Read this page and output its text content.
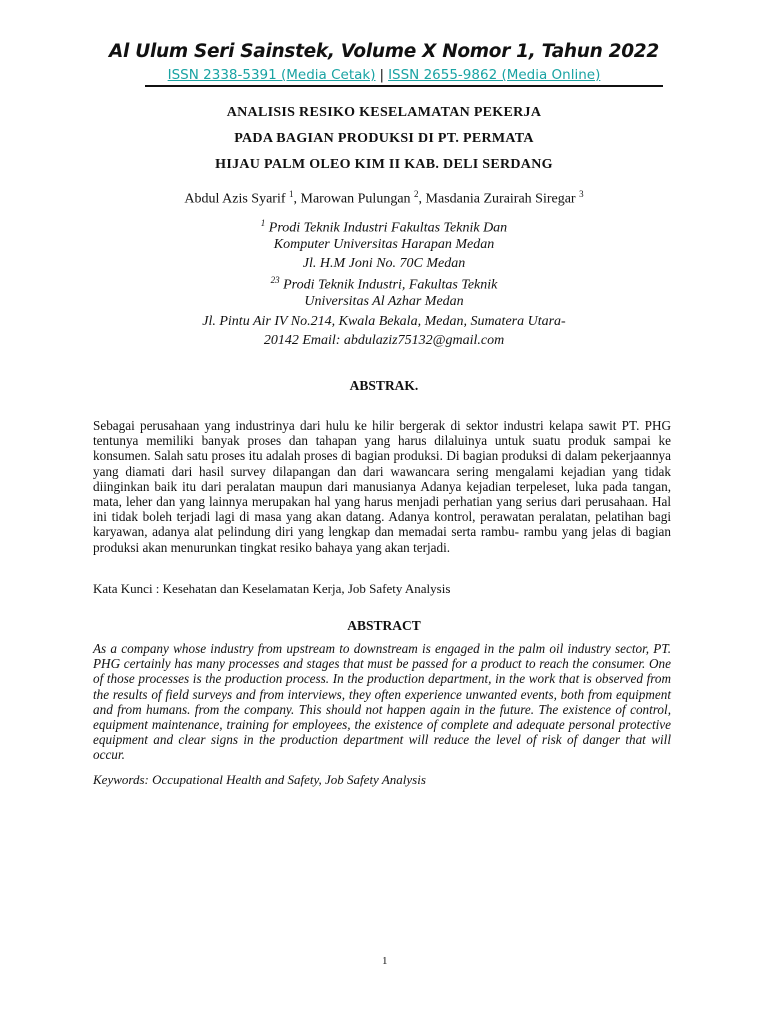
Al Ulum Seri Sainstek, Volume X Nomor 1, Tahun 2022
ISSN 2338-5391 (Media Cetak) | ISSN 2655-9862 (Media Online)
ANALISIS RESIKO KESELAMATAN PEKERJA
PADA BAGIAN PRODUKSI DI PT. PERMATA
HIJAU PALM OLEO KIM II KAB. DELI SERDANG
Abdul Azis Syarif $^1$, Marowan Pulungan $^2$, Masdania Zurairah Siregar $^3$
$^1$ Prodi Teknik Industri Fakultas Teknik Dan
Komputer Universitas Harapan Medan
Jl. H.M Joni No. 70C Medan
$^{23}$ Prodi Teknik Industri, Fakultas Teknik
Universitas Al Azhar Medan
Jl. Pintu Air IV No.214, Kwala Bekala, Medan, Sumatera Utara-
20142 Email: abdulaziz75132@gmail.com
ABSTRAK.
Sebagai perusahaan yang industrinya dari hulu ke hilir bergerak di sektor industri kelapa sawit PT. PHG tentunya memiliki banyak proses dan tahapan yang harus dilaluinya untuk suatu produk sampai ke konsumen. Salah satu proses itu adalah proses di bagian produksi. Di bagian produksi di dalam pekerjaannya yang diamati dari hasil survey dilapangan dan dari wawancara sering mengalami kejadian yang tidak diinginkan baik itu dari peralatan maupun dari manusianya Adanya kejadian terpeleset, luka pada tangan, mata, leher dan yang lainnya merupakan hal yang harus menjadi perhatian yang serius dari perusahaan. Hal ini tidak boleh terjadi lagi di masa yang akan datang. Adanya kontrol, perawatan peralatan, pelatihan bagi karyawan, adanya alat pelindung diri yang lengkap dan memadai serta rambu- rambu yang jelas di bagian produksi akan menurunkan tingkat resiko bahaya yang akan terjadi.
Kata Kunci : Kesehatan dan Keselamatan Kerja, Job Safety Analysis
ABSTRACT
As a company whose industry from upstream to downstream is engaged in the palm oil industry sector, PT. PHG certainly has many processes and stages that must be passed for a product to reach the consumer. One of those processes is the production process. In the production department, in the work that is observed from the results of field surveys and from interviews, they often experience unwanted events, both from equipment and from humans. from the company. This should not happen again in the future. The existence of control, equipment maintenance, training for employees, the existence of complete and adequate personal protective equipment and clear signs in the production department will reduce the level of risk of danger that will occur.
Keywords: Occupational Health and Safety, Job Safety Analysis
1
